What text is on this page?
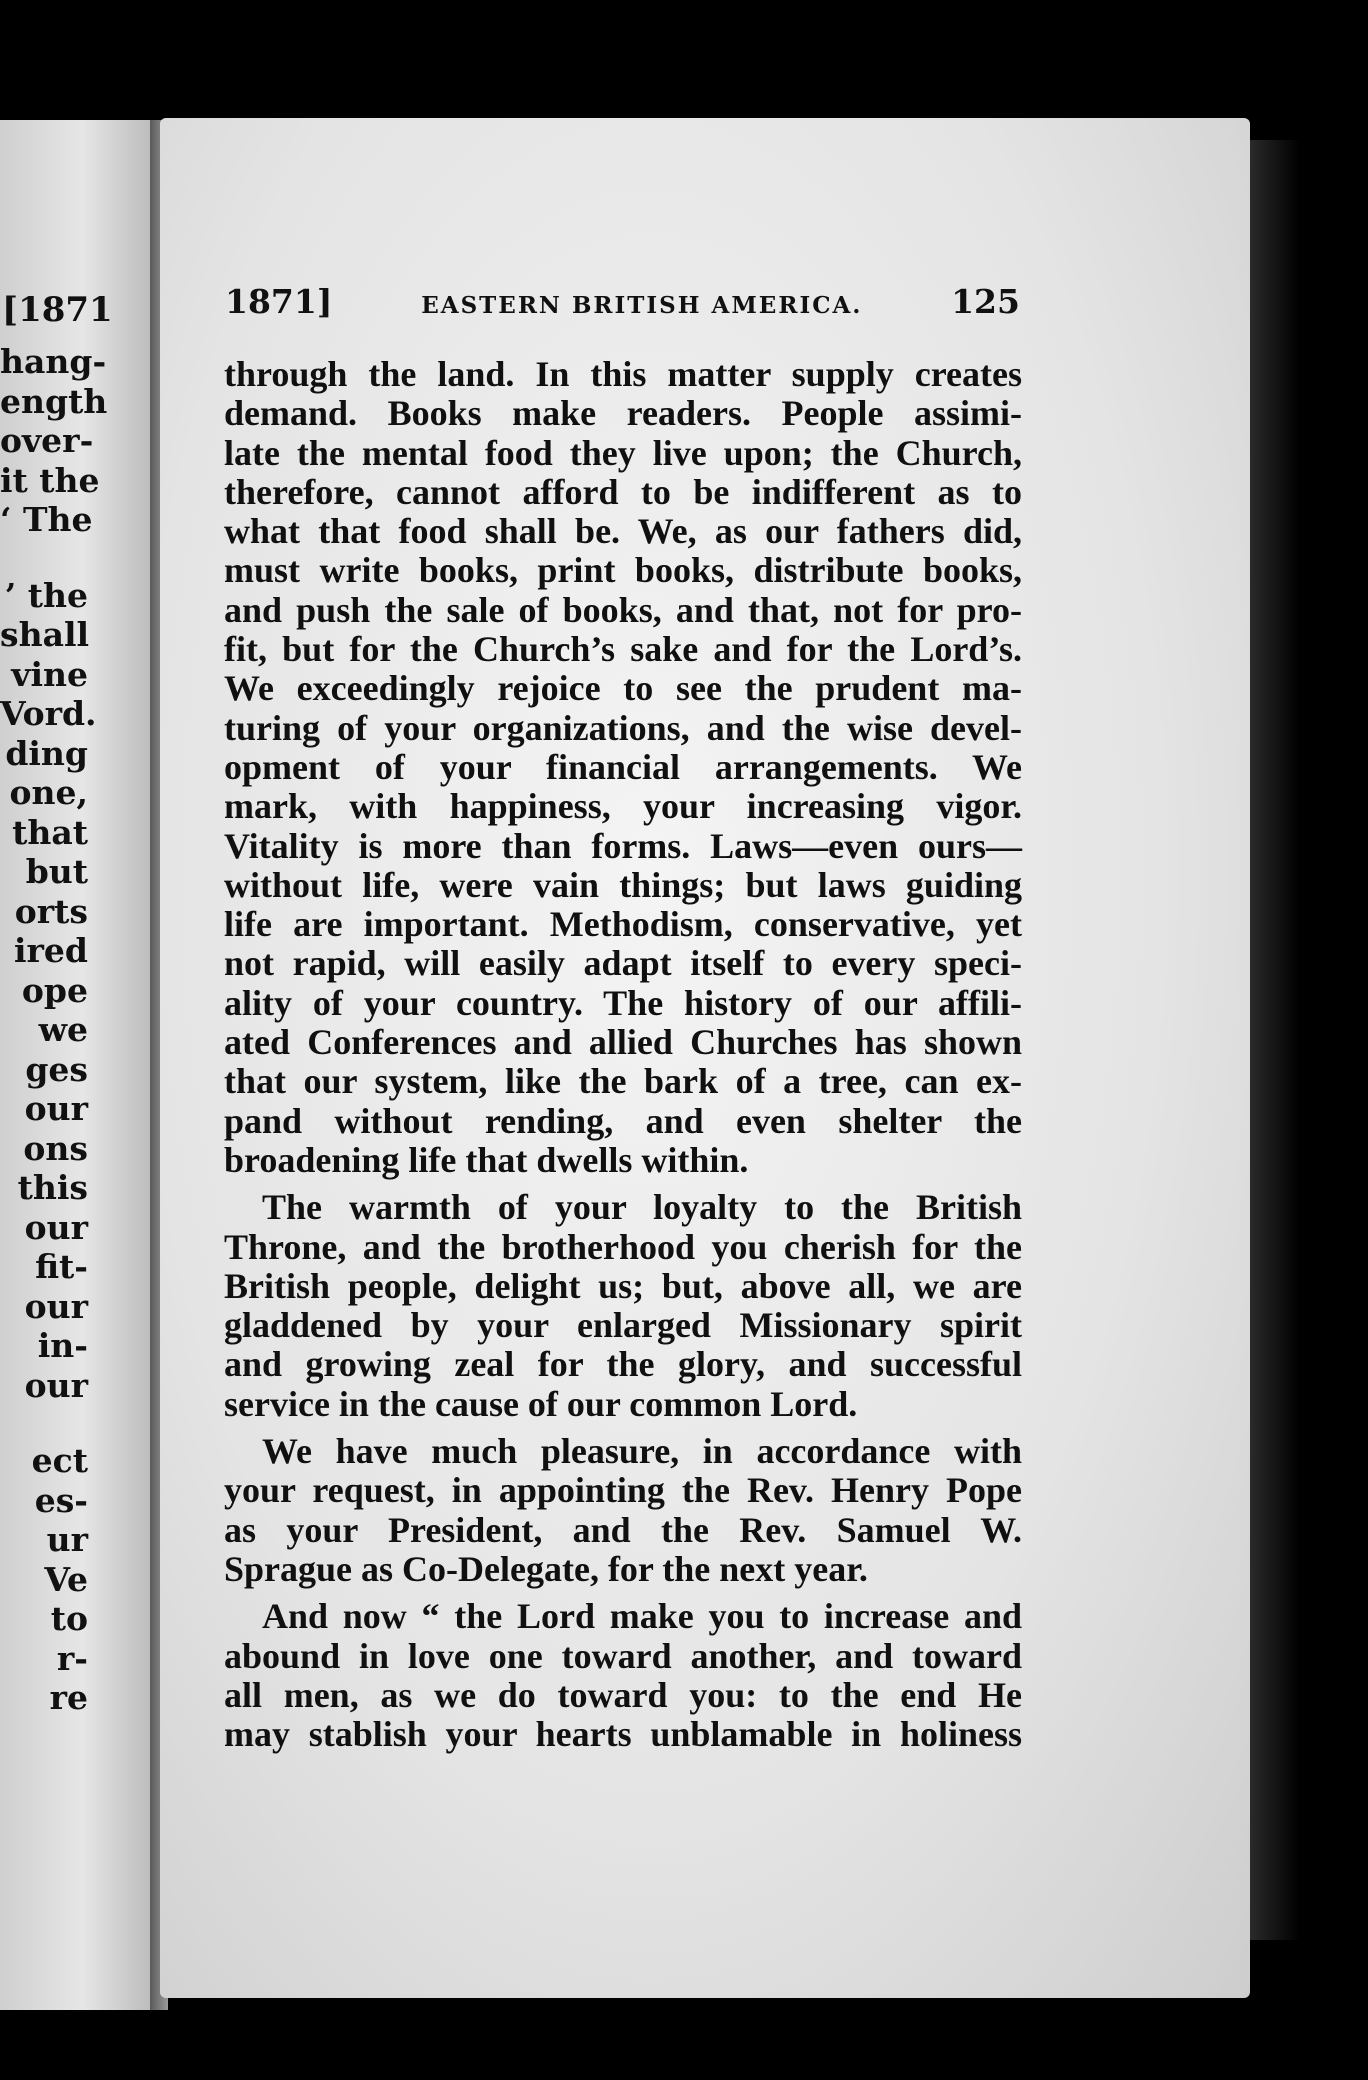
[1871
hang-
ength
over-
it the
‘ The
’ the
shall
vine
Vord.
ding
one,
that
but
orts
ired
ope
we
ges
our
ons
this
our
fit-
our
in-
our
ect
es-
ur
Ve
to
r-
re
1871]	EASTERN BRITISH AMERICA.	125
through the land. In this matter supply creates
demand. Books make readers. People assimi-
late the mental food they live upon; the Church,
therefore, cannot afford to be indifferent as to
what that food shall be. We, as our fathers did,
must write books, print books, distribute books,
and push the sale of books, and that, not for pro-
fit, but for the Church’s sake and for the Lord’s.
We exceedingly rejoice to see the prudent ma-
turing of your organizations, and the wise devel-
opment of your financial arrangements. We
mark, with happiness, your increasing vigor.
Vitality is more than forms. Laws—even ours—
without life, were vain things; but laws guiding
life are important. Methodism, conservative, yet
not rapid, will easily adapt itself to every speci-
ality of your country. The history of our affili-
ated Conferences and allied Churches has shown
that our system, like the bark of a tree, can ex-
pand without rending, and even shelter the
broadening life that dwells within.
The warmth of your loyalty to the British
Throne, and the brotherhood you cherish for the
British people, delight us; but, above all, we are
gladdened by your enlarged Missionary spirit
and growing zeal for the glory, and successful
service in the cause of our common Lord.
We have much pleasure, in accordance with
your request, in appointing the Rev. Henry Pope
as your President, and the Rev. Samuel W.
Sprague as Co-Delegate, for the next year.
And now “ the Lord make you to increase and
abound in love one toward another, and toward
all men, as we do toward you: to the end He
may stablish your hearts unblamable in holiness
